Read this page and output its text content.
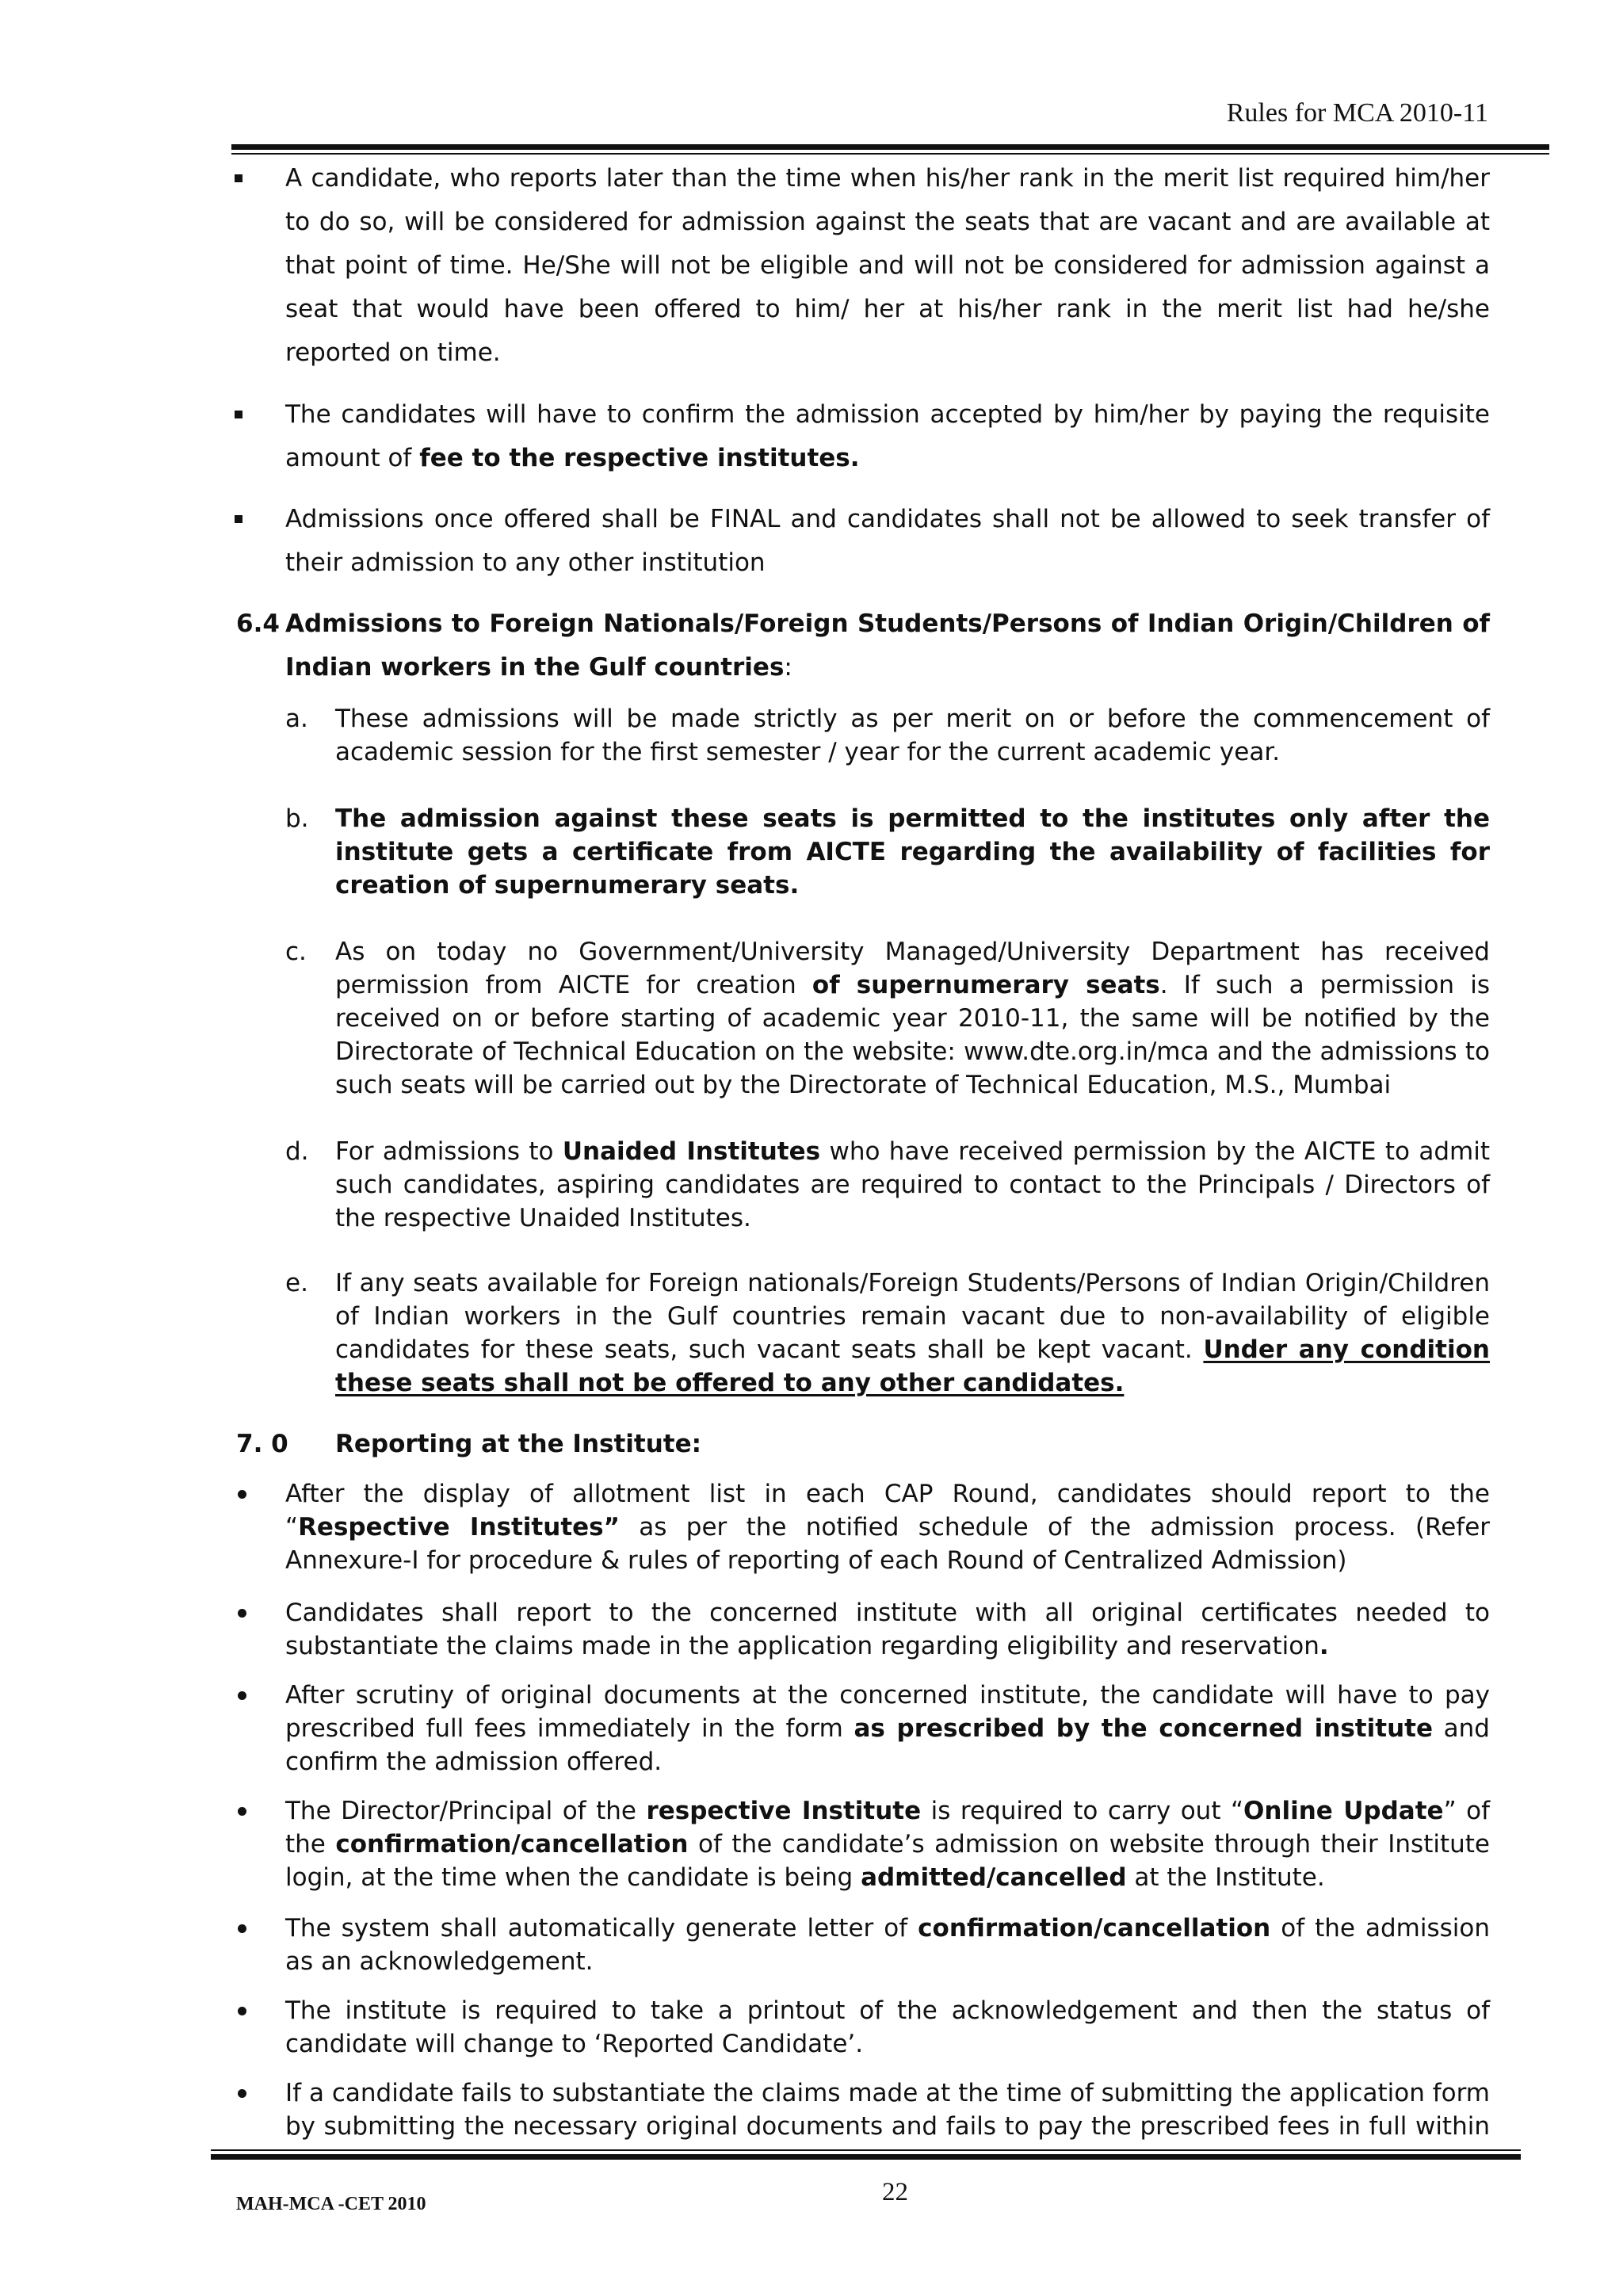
Rules for MCA 2010-11

A candidate, who reports later than the time when his/her rank in the merit list required him/her to do so, will be considered for admission against the seats that are vacant and are available at that point of time. He/She will not be eligible and will not be considered for admission against a seat that would have been offered to him/ her at his/her rank in the merit list had he/she reported on time.

The candidates will have to confirm the admission accepted by him/her by paying the requisite amount of fee to the respective institutes.

Admissions once offered shall be FINAL and candidates shall not be allowed to seek transfer of their admission to any other institution

6.4 Admissions to Foreign Nationals/Foreign Students/Persons of Indian Origin/Children of Indian workers in the Gulf countries:

a. These admissions will be made strictly as per merit on or before the commencement of academic session for the first semester / year for the current academic year.

b. The admission against these seats is permitted to the institutes only after the institute gets a certificate from AICTE regarding the availability of facilities for creation of supernumerary seats.

c. As on today no Government/University Managed/University Department has received permission from AICTE for creation of supernumerary seats. If such a permission is received on or before starting of academic year 2010-11, the same will be notified by the Directorate of Technical Education on the website: www.dte.org.in/mca and the admissions to such seats will be carried out by the Directorate of Technical Education, M.S., Mumbai

d. For admissions to Unaided Institutes who have received permission by the AICTE to admit such candidates, aspiring candidates are required to contact to the Principals / Directors of the respective Unaided Institutes.

e. If any seats available for Foreign nationals/Foreign Students/Persons of Indian Origin/Children of Indian workers in the Gulf countries remain vacant due to non-availability of eligible candidates for these seats, such vacant seats shall be kept vacant. Under any condition these seats shall not be offered to any other candidates.

7. 0 Reporting at the Institute:

After the display of allotment list in each CAP Round, candidates should report to the “Respective Institutes” as per the notified schedule of the admission process. (Refer Annexure-I for procedure & rules of reporting of each Round of Centralized Admission)

Candidates shall report to the concerned institute with all original certificates needed to substantiate the claims made in the application regarding eligibility and reservation.

After scrutiny of original documents at the concerned institute, the candidate will have to pay prescribed full fees immediately in the form as prescribed by the concerned institute and confirm the admission offered.

The Director/Principal of the respective Institute is required to carry out “Online Update” of the confirmation/cancellation of the candidate’s admission on website through their Institute login, at the time when the candidate is being admitted/cancelled at the Institute.

The system shall automatically generate letter of confirmation/cancellation of the admission as an acknowledgement.

The institute is required to take a printout of the acknowledgement and then the status of candidate will change to ‘Reported Candidate’.

If a candidate fails to substantiate the claims made at the time of submitting the application form by submitting the necessary original documents and fails to pay the prescribed fees in full within

MAH-MCA -CET 2010	22
